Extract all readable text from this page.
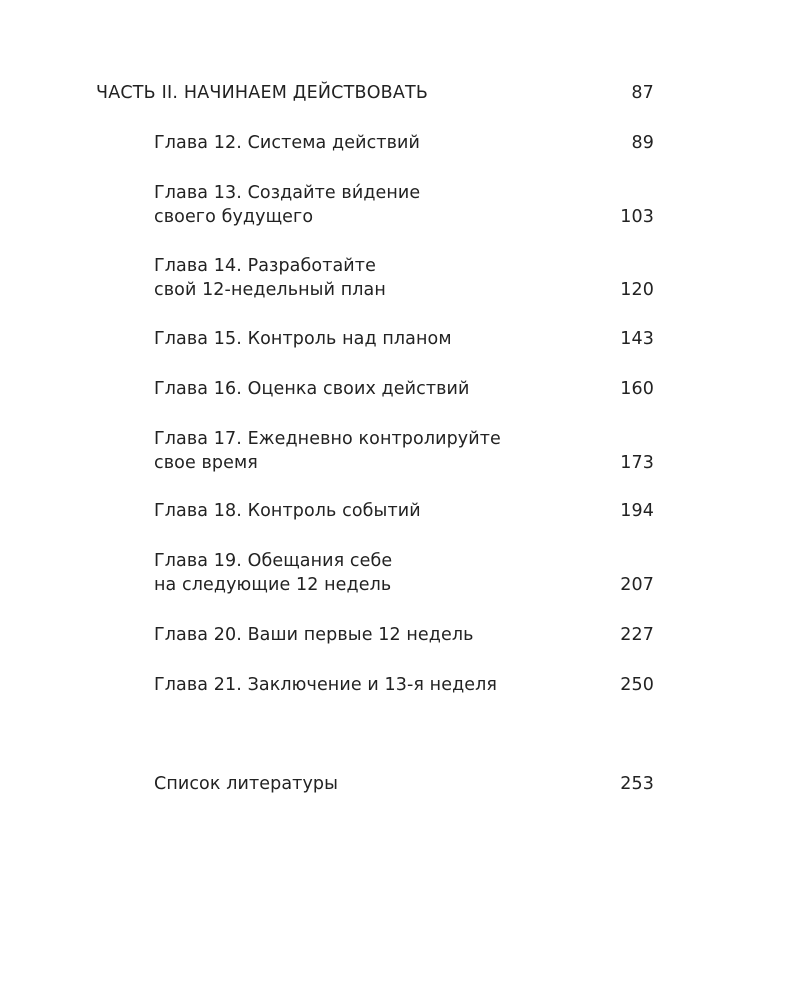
ЧАСТЬ II. НАЧИНАЕМ ДЕЙСТВОВАТЬ	87
Глава 12. Система действий	89
Глава 13. Создайте ви́дение
своего будущего	103
Глава 14. Разработайте
свой 12-недельный план	120
Глава 15. Контроль над планом	143
Глава 16. Оценка своих действий	160
Глава 17. Ежедневно контролируйте
свое время	173
Глава 18. Контроль событий	194
Глава 19. Обещания себе
на следующие 12 недель	207
Глава 20. Ваши первые 12 недель	227
Глава 21. Заключение и 13-я неделя	250
Список литературы	253
